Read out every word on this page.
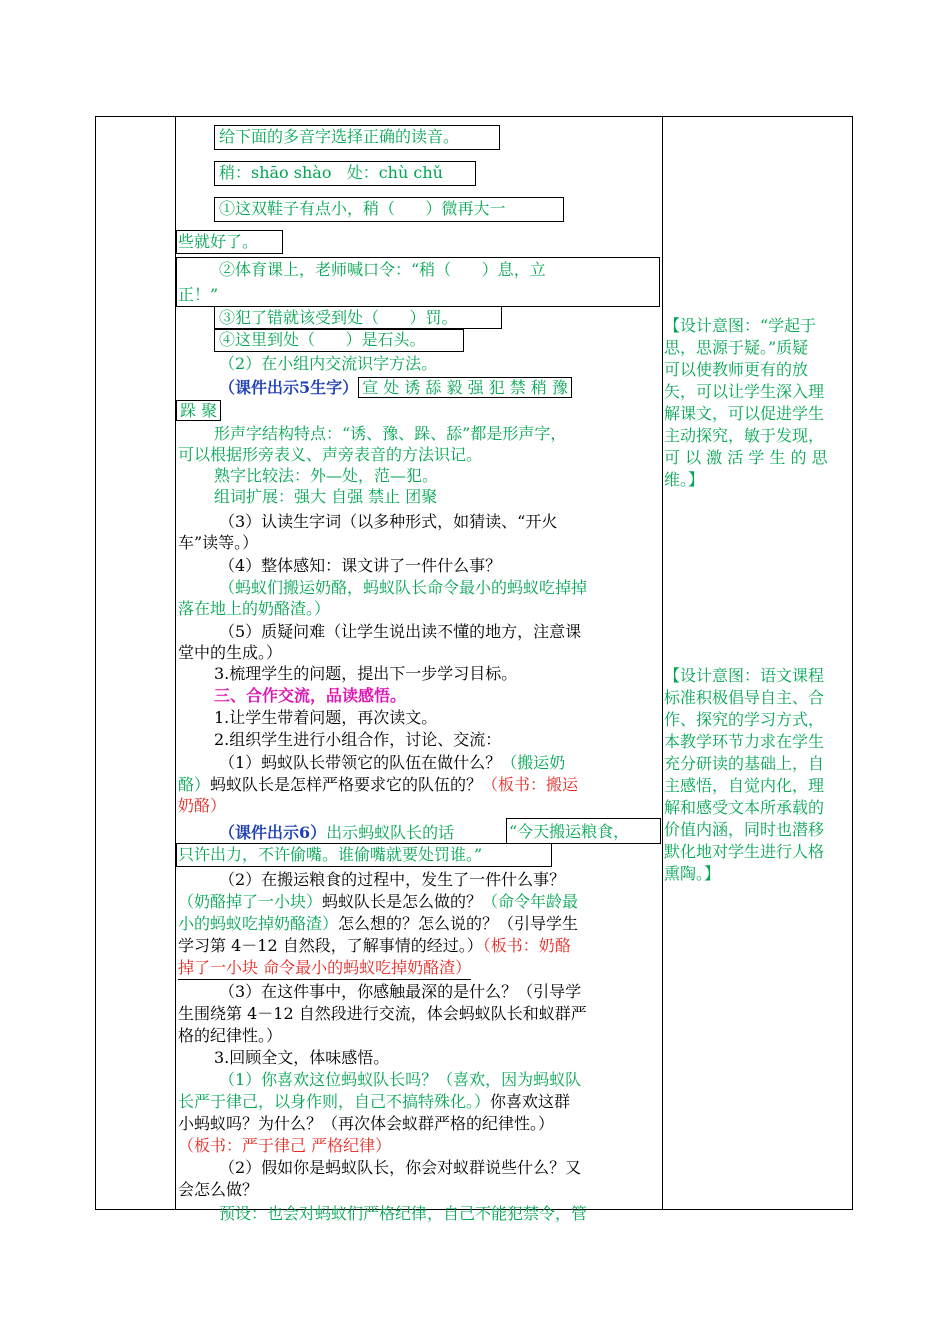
给下面的多音字选择正确的读音。
稍：shāo shào   处：chù chǔ
①这双鞋子有点小，稍（      ）微再大一
些就好了。
②体育课上，老师喊口令：“稍（      ）息，立
正！”
③犯了错就该受到处（      ）罚。
④这里到处（      ）是石头。
（2）在小组内交流识字方法。
（课件出示5生字） 宣 处 诱 舔 毅 强 犯 禁 稍 豫
跺 聚
形声字结构特点：“诱、豫、跺、舔”都是形声字，
可以根据形旁表义、声旁表音的方法识记。
熟字比较法：外—处，范—犯。
组词扩展：强大 自强 禁止 团聚
（3）认读生字词（以多种形式，如猜读、“开火
车”读等。）
（4）整体感知：课文讲了一件什么事？
（蚂蚁们搬运奶酪，蚂蚁队长命令最小的蚂蚁吃掉掉
落在地上的奶酪渣。）
（5）质疑问难（让学生说出读不懂的地方，注意课
堂中的生成。）
3.梳理学生的问题，提出下一步学习目标。
三、合作交流，品读感悟。
1.让学生带着问题，再次读文。
2.组织学生进行小组合作，讨论、交流：
（1）蚂蚁队长带领它的队伍在做什么？（搬运奶
酪）蚂蚁队长是怎样严格要求它的队伍的？（板书：搬运
奶酪）
（课件出示6）出示蚂蚁队长的话	“今天搬运粮食，
只许出力，不许偷嘴。谁偷嘴就要处罚谁。”
（2）在搬运粮食的过程中，发生了一件什么事？
（奶酪掉了一小块）蚂蚁队长是怎么做的？（命令年龄最
小的蚂蚁吃掉奶酪渣）怎么想的？怎么说的？（引导学生
学习第 4－12 自然段，了解事情的经过。）（板书：奶酪
掉了一小块 命令最小的蚂蚁吃掉奶酪渣）
（3）在这件事中，你感触最深的是什么？（引导学
生围绕第 4－12 自然段进行交流，体会蚂蚁队长和蚁群严
格的纪律性。）
3.回顾全文，体味感悟。
（1）你喜欢这位蚂蚁队长吗？（喜欢，因为蚂蚁队
长严于律己，以身作则，自己不搞特殊化。）你喜欢这群
小蚂蚁吗？为什么？（再次体会蚁群严格的纪律性。）
（板书：严于律己 严格纪律）
（2）假如你是蚂蚁队长，你会对蚁群说些什么？又
会怎么做？
预设：也会对蚂蚁们严格纪律，自己不能犯禁令，管
【设计意图：“学起于
思，思源于疑。”质疑
可以使教师更有的放
矢，可以让学生深入理
解课文，可以促进学生
主动探究，敏于发现，
可 以 激 活 学 生 的 思
维。】
【设计意图：语文课程
标准积极倡导自主、合
作、探究的学习方式，
本教学环节力求在学生
充分研读的基础上，自
主感悟，自觉内化，理
解和感受文本所承载的
价值内涵，同时也潜移
默化地对学生进行人格
熏陶。】
